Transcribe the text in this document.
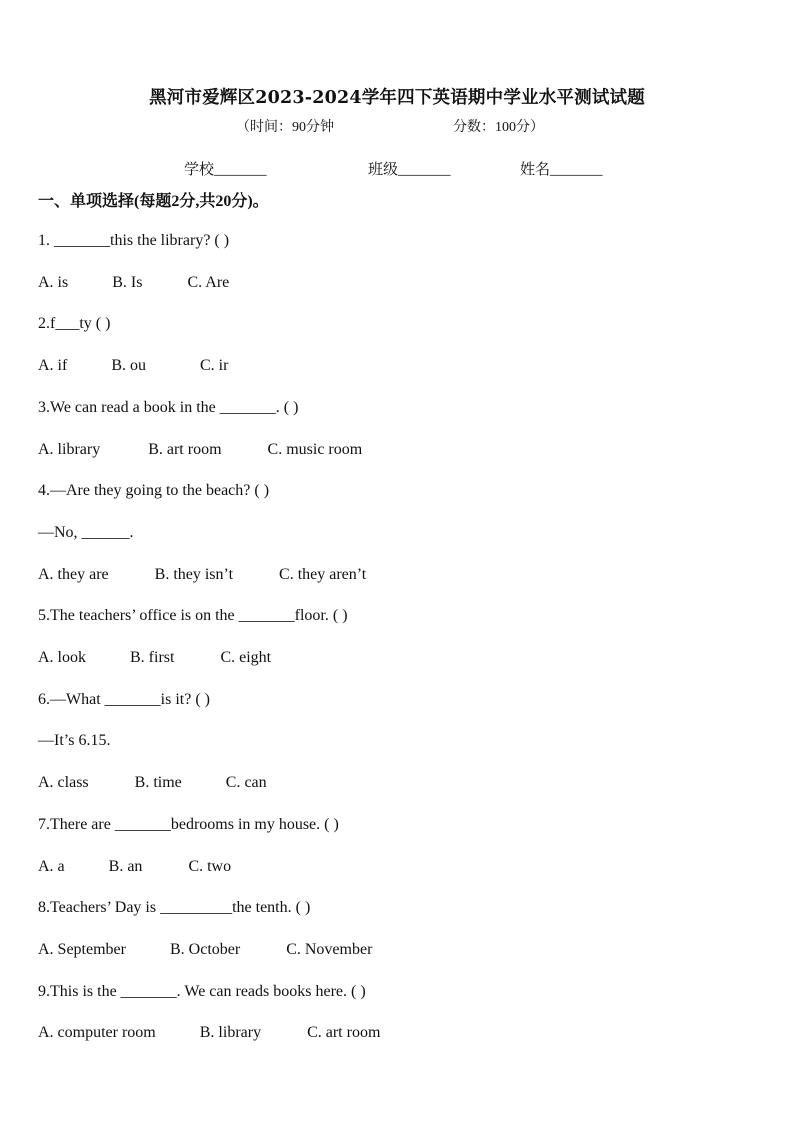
黑河市爱辉区2023-2024学年四下英语期中学业水平测试试题
（时间：90分钟	分数：100分）
学校_______	班级_______	姓名_______
一、单项选择(每题2分,共20分)。
1. _______this the library? ( )
A. is	B. Is	C. Are
2.f___ty ( )
A. if	B. ou	C. ir
3.We can read a book in the _______. ( )
A. library	B. art room	C. music room
4.—Are they going to the beach? ( )
—No, ______.
A. they are	B. they isn’t	C. they aren’t
5.The teachers’ office is on the _______floor. ( )
A. look	B. first	C. eight
6.—What _______is it? ( )
—It’s 6.15.
A. class	B. time	C. can
7.There are _______bedrooms in my house. ( )
A. a	B. an	C. two
8.Teachers’ Day is _________the tenth. ( )
A. September	B. October	C. November
9.This is the _______. We can reads books here. ( )
A. computer room	B. library	C. art room
